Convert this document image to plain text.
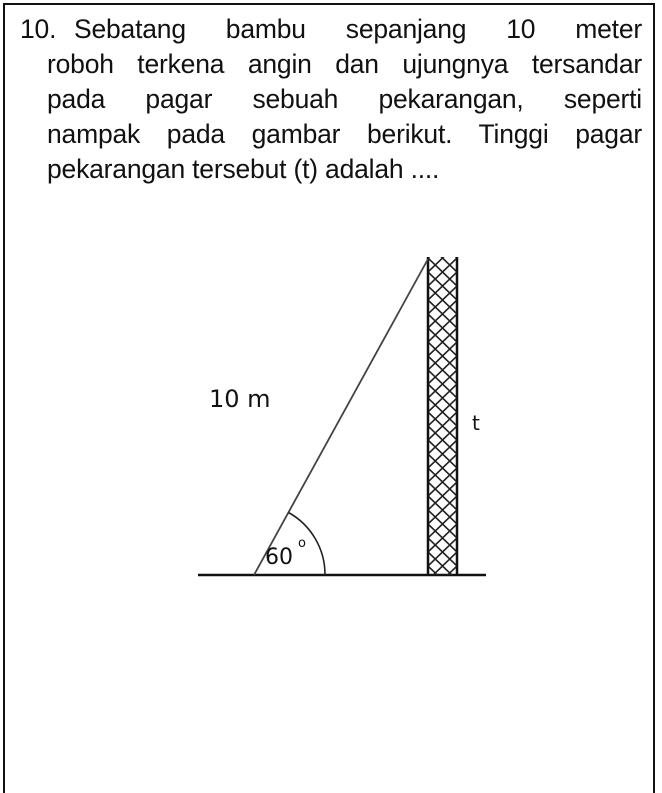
10. Sebatang bambu sepanjang 10 meter
roboh terkena angin dan ujungnya tersandar
pada pagar sebuah pekarangan, seperti
nampak pada gambar berikut. Tinggi pagar
pekarangan tersebut (t) adalah ....
10 m
t
60
o
